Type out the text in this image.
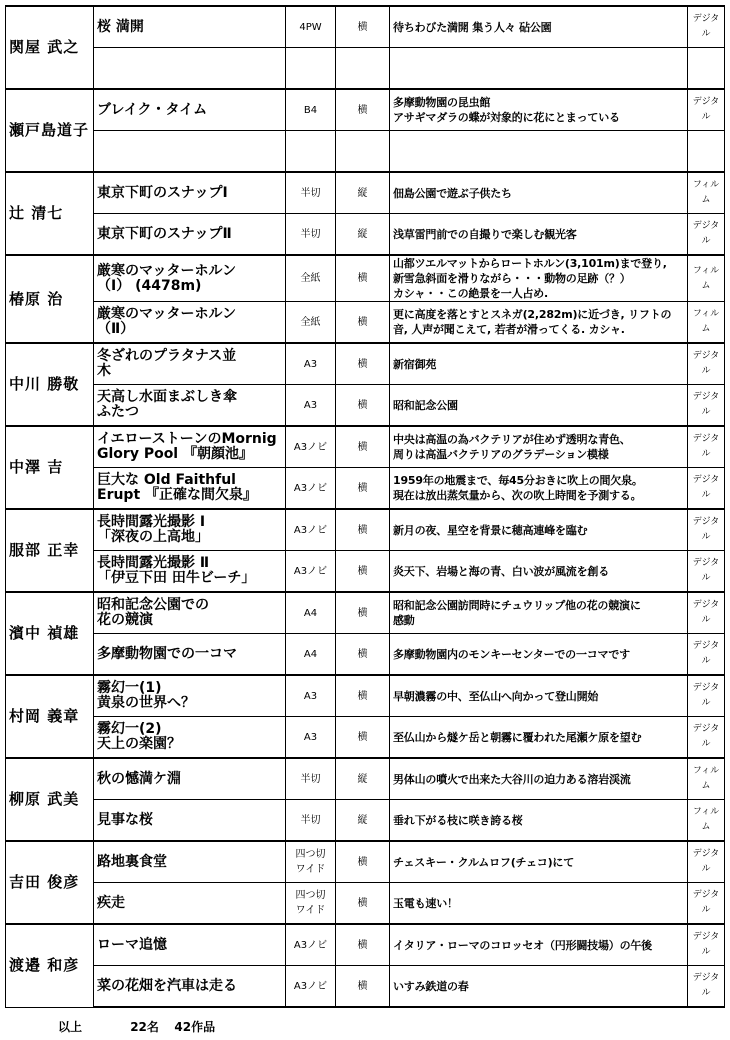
関屋 武之	桜 満開	4PW	横	待ちわびた満開 集う人々 砧公園	デジタル

瀬戸島道子	ブレイク・タイム	B4	横	多摩動物園の昆虫館
アサギマダラの蝶が対象的に花にとまっている	デジタル

辻 清七	東京下町のスナップⅠ	半切	縦	佃島公園で遊ぶ子供たち	フィルム
	東京下町のスナップⅡ	半切	縦	浅草雷門前での自撮りで楽しむ観光客	デジタル
椿原 治	厳寒のマッターホルン
（Ⅰ） (4478m)	全紙	横	山都ツエルマットからロートホルン(3,101m)まで登り,
新雪急斜面を滑りながら・・・動物の足跡（？）
カシャ・・この絶景を一人占め.	フィルム
	厳寒のマッターホルン
（Ⅱ）	全紙	横	更に高度を落とすとスネガ(2,282m)に近づき, リフトの音, 人声が聞こえて, 若者が滑ってくる. カシャ.	フィルム
中川 勝敬	冬ざれのプラタナス並
木	A3	横	新宿御苑	デジタル
	天高し水面まぶしき傘
ふたつ	A3	横	昭和記念公園	デジタル
中澤 吉	イエローストーンのMornig
Glory Pool 『朝顔池』	A3ノビ	横	中央は高温の為バクテリアが住めず透明な青色、
周りは高温バクテリアのグラデーション模様	デジタル
	巨大な Old Faithful
Erupt 『正確な間欠泉』	A3ノビ	横	1959年の地震まで、毎45分おきに吹上の間欠泉。
現在は放出蒸気量から、次の吹上時間を予測する。	デジタル
服部 正幸	長時間露光撮影 Ⅰ
「深夜の上高地」	A3ノビ	横	新月の夜、星空を背景に穂高連峰を臨む	デジタル
	長時間露光撮影 Ⅱ
「伊豆下田 田牛ビーチ」	A3ノビ	横	炎天下、岩場と海の青、白い波が風流を創る	デジタル
濱中 禎雄	昭和記念公園での
花の競演	A4	横	昭和記念公園訪問時にチュウリップ他の花の競演に
感動	デジタル
	多摩動物園での一コマ	A4	横	多摩動物園内のモンキーセンターでの一コマです	デジタル
村岡 義章	霧幻一(1)
黄泉の世界へ？	A3	横	早朝濃霧の中、至仏山へ向かって登山開始	デジタル
	霧幻一(2)
天上の楽園？	A3	横	至仏山から燧ケ岳と朝霧に覆われた尾瀬ケ原を望む	デジタル
柳原 武美	秋の憾満ケ淵	半切	縦	男体山の噴火で出来た大谷川の迫力ある溶岩渓流	フィルム
	見事な桜	半切	縦	垂れ下がる枝に咲き誇る桜	フィルム
吉田 俊彦	路地裏食堂	四つ切
ワイド	横	チェスキー・クルムロフ(チェコ)にて	デジタル
	疾走	四つ切
ワイド	横	玉電も速い！	デジタル
渡邉 和彦	ローマ追憶	A3ノビ	横	イタリア・ローマのコロッセオ（円形闘技場）の午後	デジタル
	菜の花畑を汽車は走る	A3ノビ	横	いすみ鉄道の春	デジタル
以上	22名 42作品
